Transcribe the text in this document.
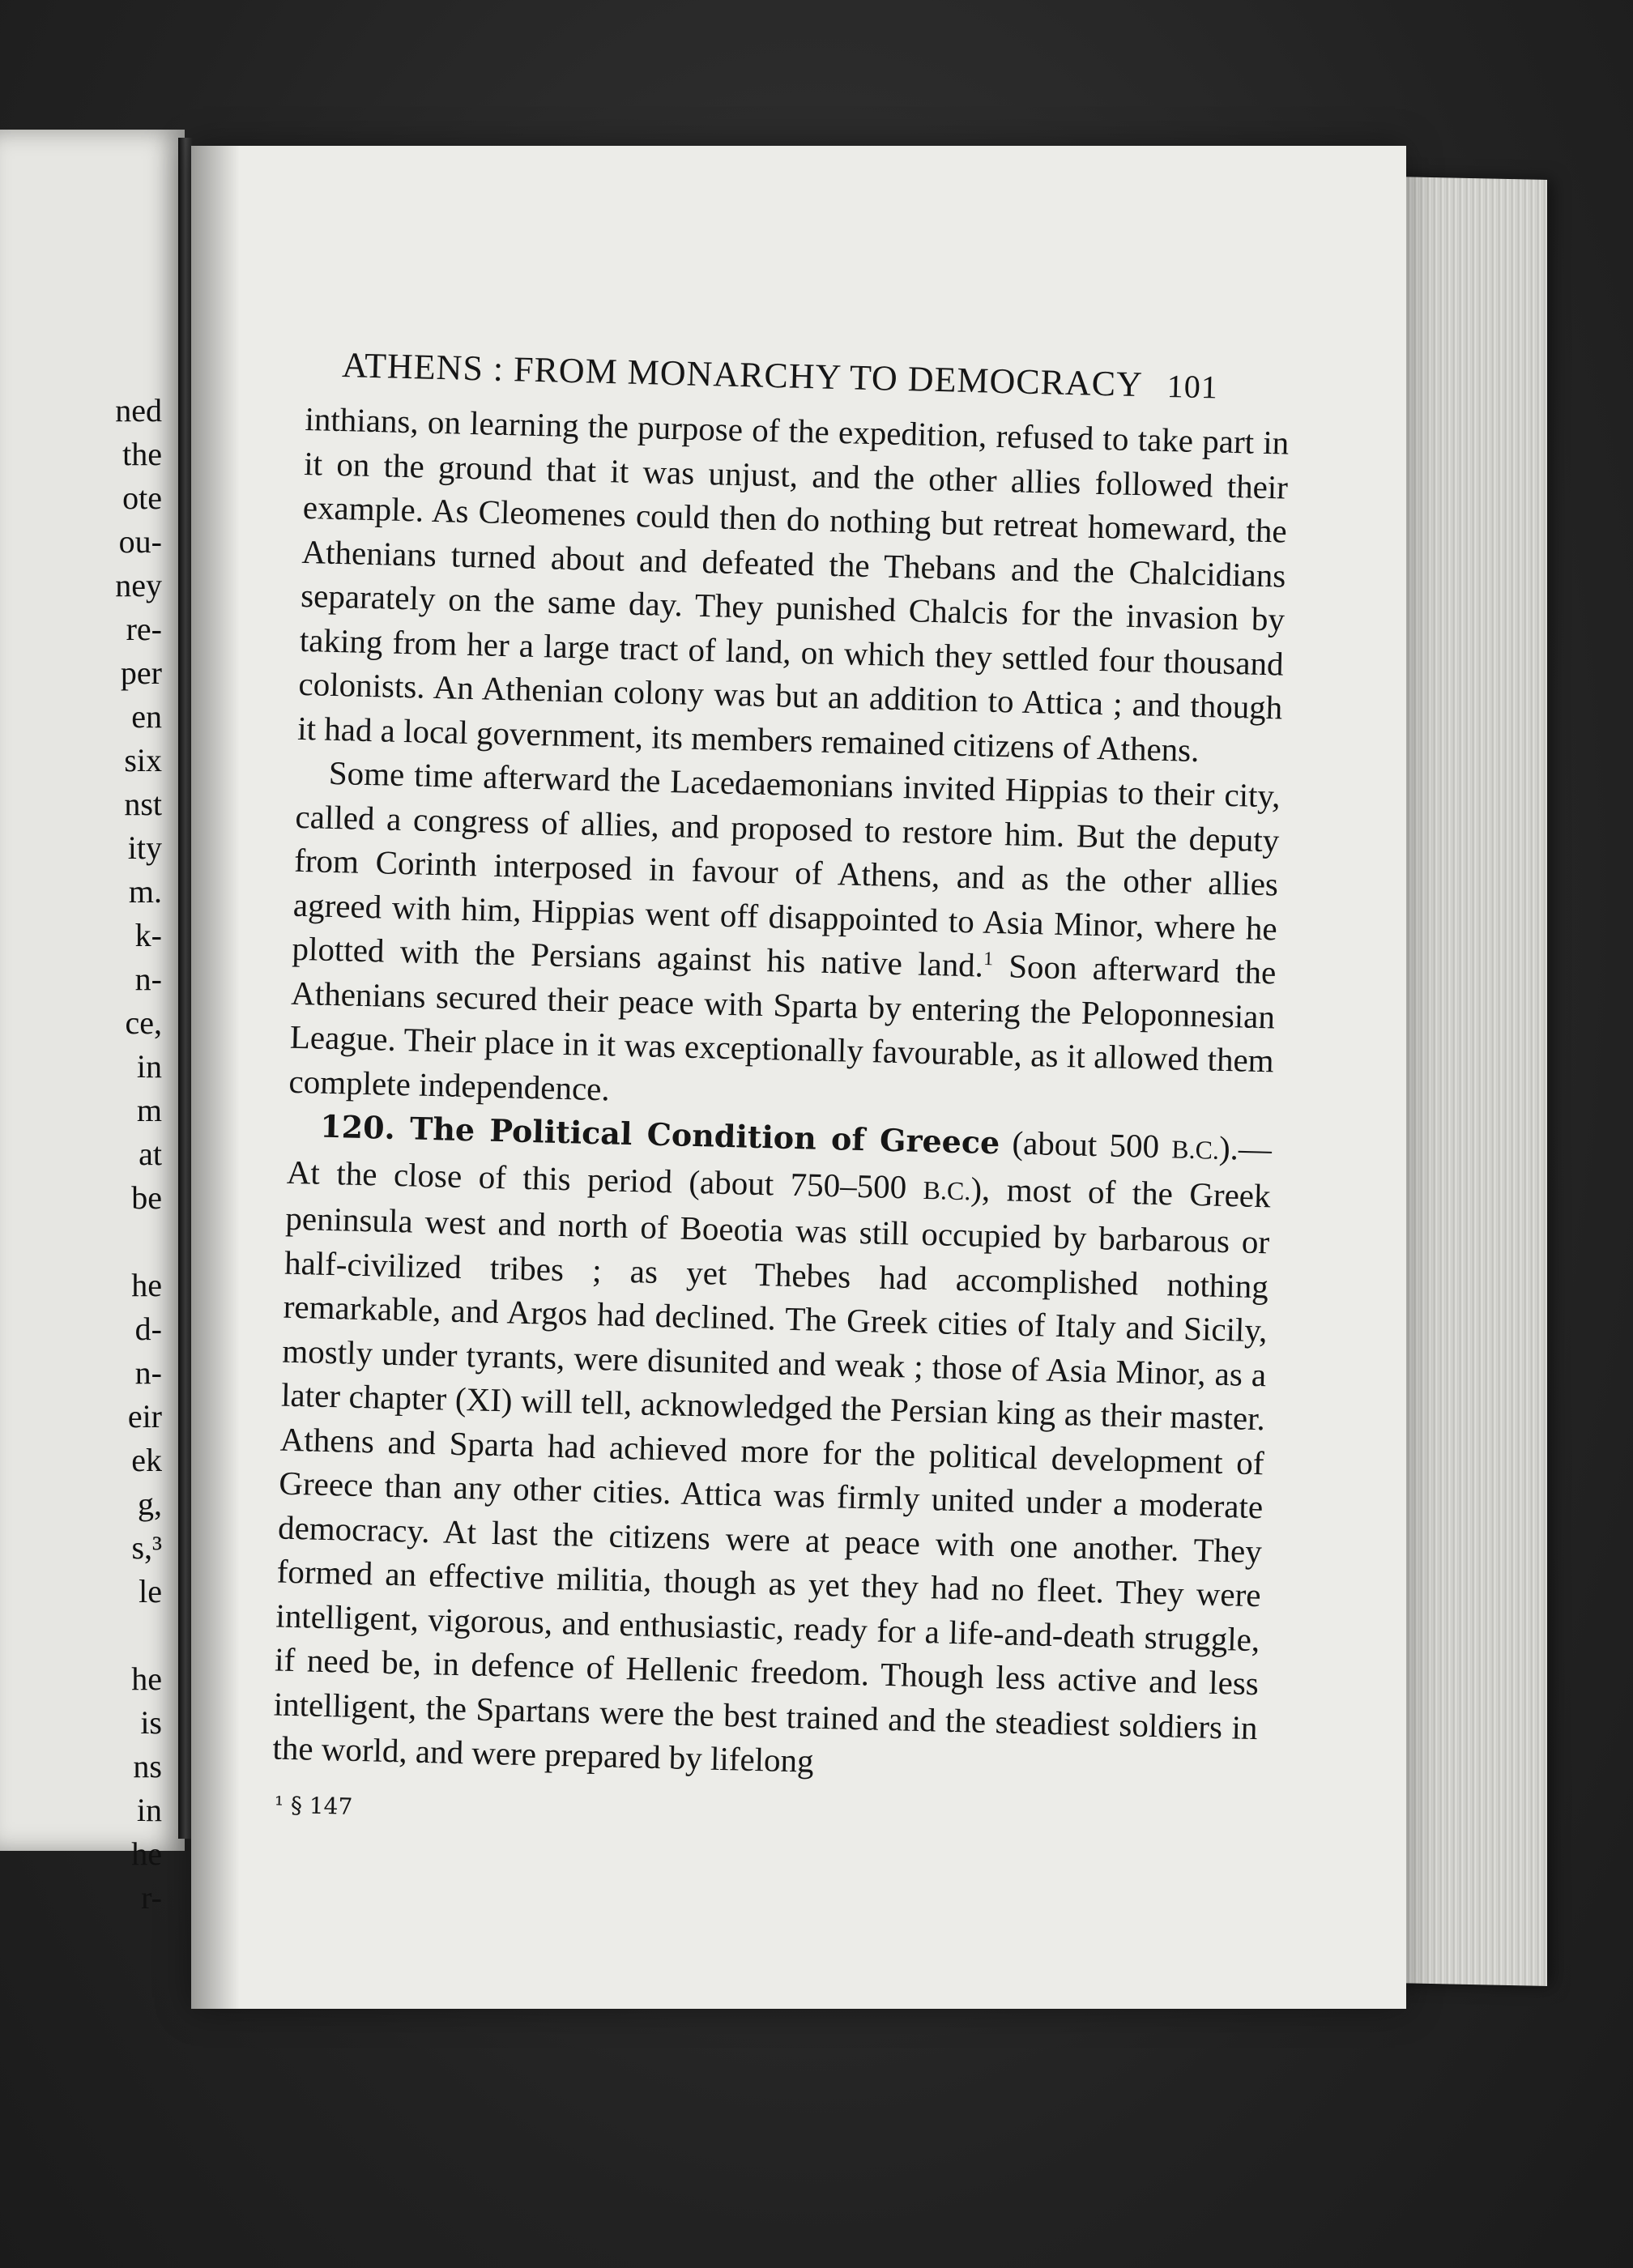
ned
the
ote
ou-
ney
re-
per
en
six
nst
ity
m.
k-
n-
ce,
in
m
at
be
he
d-
n-
eir
ek
g,
s,³
le
he
is
ns
in
he
r-
ATHENS : FROM MONARCHY TO DEMOCRACY 101

inthians, on learning the purpose of the expedition, refused to take part in it on the ground that it was unjust, and the other allies followed their example. As Cleomenes could then do nothing but retreat homeward, the Athenians turned about and defeated the Thebans and the Chalcidians separately on the same day. They punished Chalcis for the invasion by taking from her a large tract of land, on which they settled four thousand colonists. An Athenian colony was but an addition to Attica ; and though it had a local government, its members remained citizens of Athens.

Some time afterward the Lacedaemonians invited Hippias to their city, called a congress of allies, and proposed to restore him. But the deputy from Corinth interposed in favour of Athens, and as the other allies agreed with him, Hippias went off disappointed to Asia Minor, where he plotted with the Persians against his native land.$^1$ Soon afterward the Athenians secured their peace with Sparta by entering the Peloponnesian League. Their place in it was exceptionally favourable, as it allowed them complete independence.

120. The Political Condition of Greece (about 500 B.C.).—At the close of this period (about 750–500 B.C.), most of the Greek peninsula west and north of Boeotia was still occupied by barbarous or half-civilized tribes ; as yet Thebes had accomplished nothing remarkable, and Argos had declined. The Greek cities of Italy and Sicily, mostly under tyrants, were disunited and weak ; those of Asia Minor, as a later chapter (XI) will tell, acknowledged the Persian king as their master. Athens and Sparta had achieved more for the political development of Greece than any other cities. Attica was firmly united under a moderate democracy. At last the citizens were at peace with one another. They formed an effective militia, though as yet they had no fleet. They were intelligent, vigorous, and enthusiastic, ready for a life-and-death struggle, if need be, in defence of Hellenic freedom. Though less active and less intelligent, the Spartans were the best trained and the steadiest soldiers in the world, and were prepared by lifelong

¹ § 147
